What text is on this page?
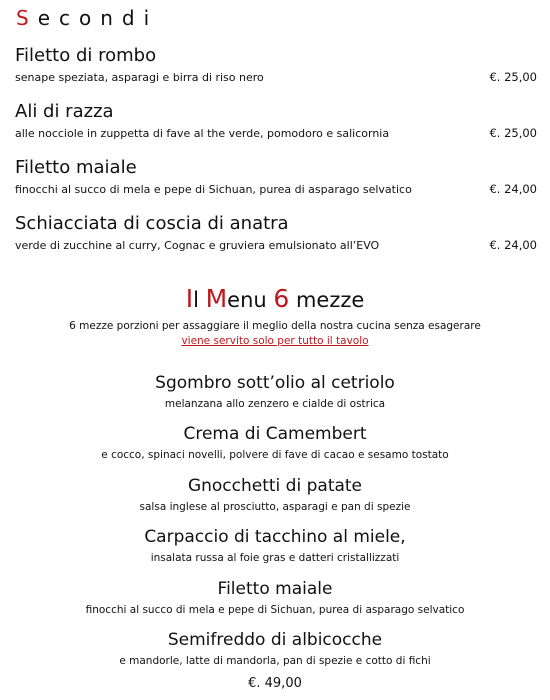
Secondi
Filetto di rombo
senape speziata, asparagi e birra di riso nero	€. 25,00
Ali di razza
alle nocciole in zuppetta di fave al the verde, pomodoro e salicornia	€. 25,00
Filetto maiale
finocchi al succo di mela e pepe di Sichuan, purea di asparago selvatico	€. 24,00
Schiacciata di coscia di anatra
verde di zucchine al curry, Cognac e gruviera emulsionato all’EVO	€. 24,00
Il Menu 6 mezze
6 mezze porzioni per assaggiare il meglio della nostra cucina senza esagerare
viene servito solo per tutto il tavolo
Sgombro sott’olio al cetriolo
melanzana allo zenzero e cialde di ostrica
Crema di Camembert
e cocco, spinaci novelli, polvere di fave di cacao e sesamo tostato
Gnocchetti di patate
salsa inglese al prosciutto, asparagi e pan di spezie
Carpaccio di tacchino al miele,
insalata russa al foie gras e datteri cristallizzati
Filetto maiale
finocchi al succo di mela e pepe di Sichuan, purea di asparago selvatico
Semifreddo di albicocche
e mandorle, latte di mandorla, pan di spezie e cotto di fichi
€. 49,00
